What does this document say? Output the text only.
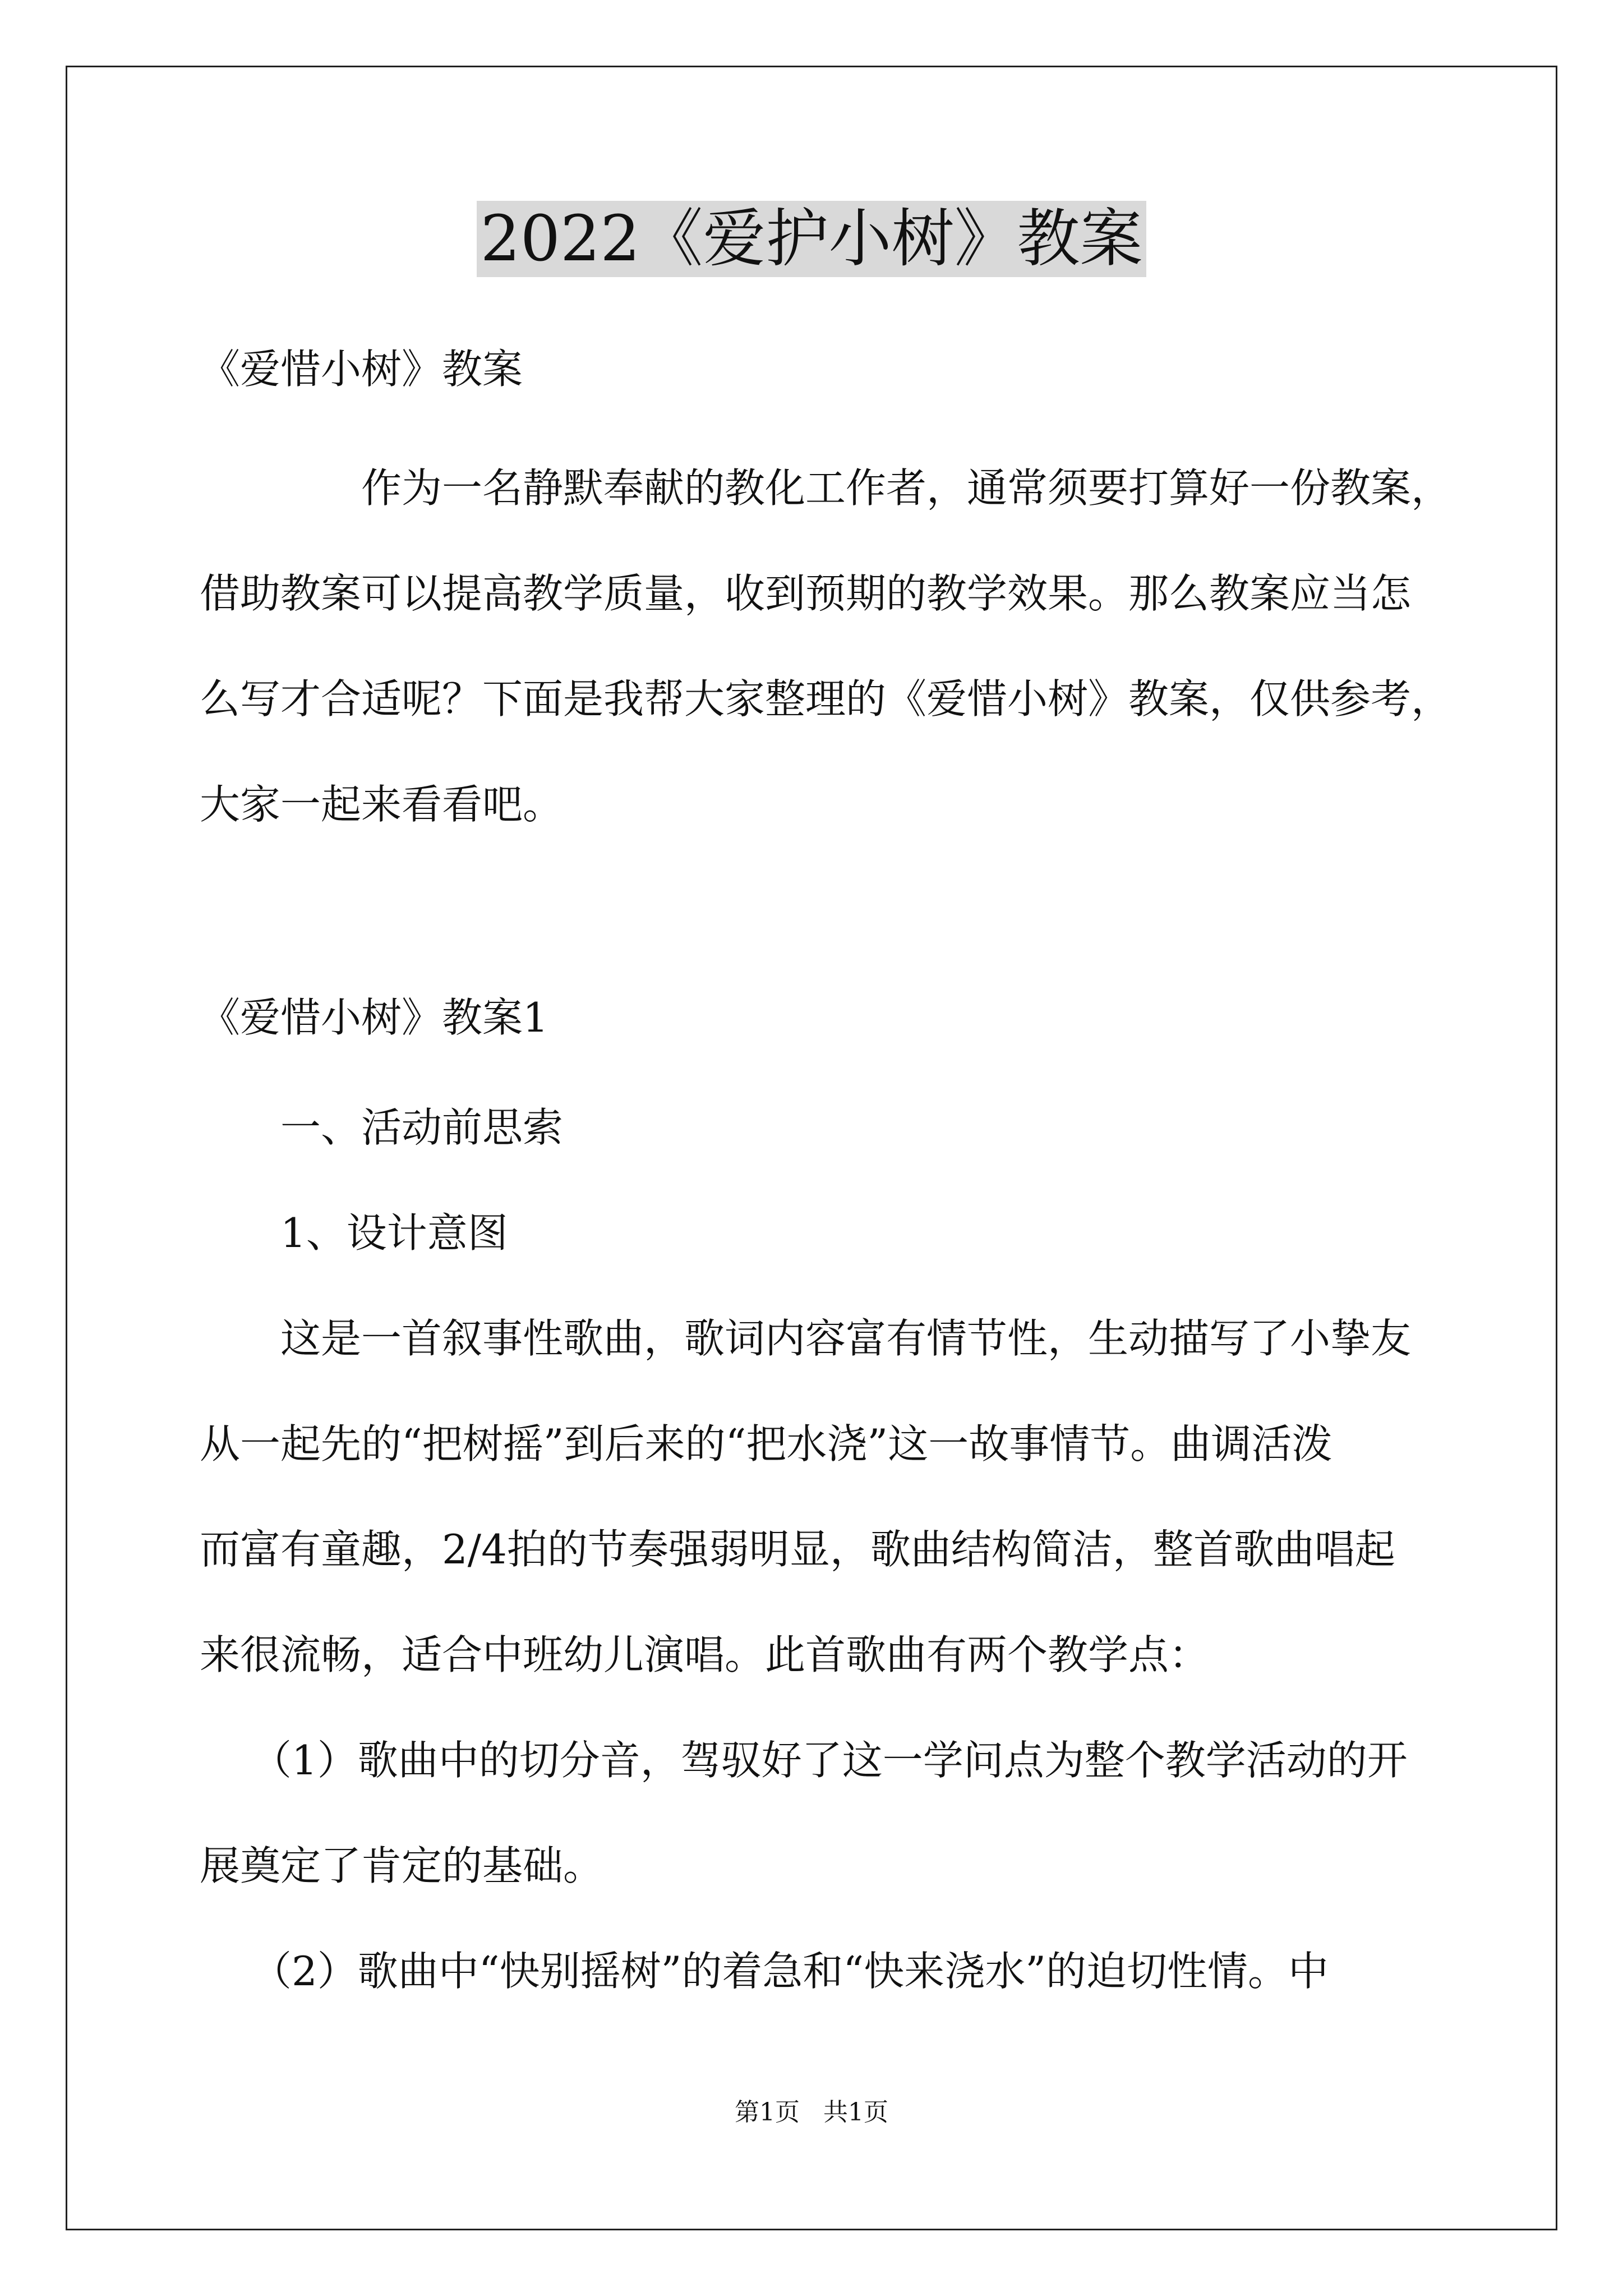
2022《爱护小树》教案
《爱惜小树》教案
作为一名静默奉献的教化工作者，通常须要打算好一份教案，
借助教案可以提高教学质量，收到预期的教学效果。那么教案应当怎
么写才合适呢？下面是我帮大家整理的《爱惜小树》教案，仅供参考，
大家一起来看看吧。
《爱惜小树》教案1
一、活动前思索
1、设计意图
这是一首叙事性歌曲，歌词内容富有情节性，生动描写了小挚友
从一起先的“把树摇”到后来的“把水浇”这一故事情节。曲调活泼
而富有童趣，2/4拍的节奏强弱明显，歌曲结构简洁，整首歌曲唱起
来很流畅，适合中班幼儿演唱。此首歌曲有两个教学点：
（1）歌曲中的切分音，驾驭好了这一学问点为整个教学活动的开
展奠定了肯定的基础。
（2）歌曲中“快别摇树”的着急和“快来浇水”的迫切性情。中
第1页 共1页
